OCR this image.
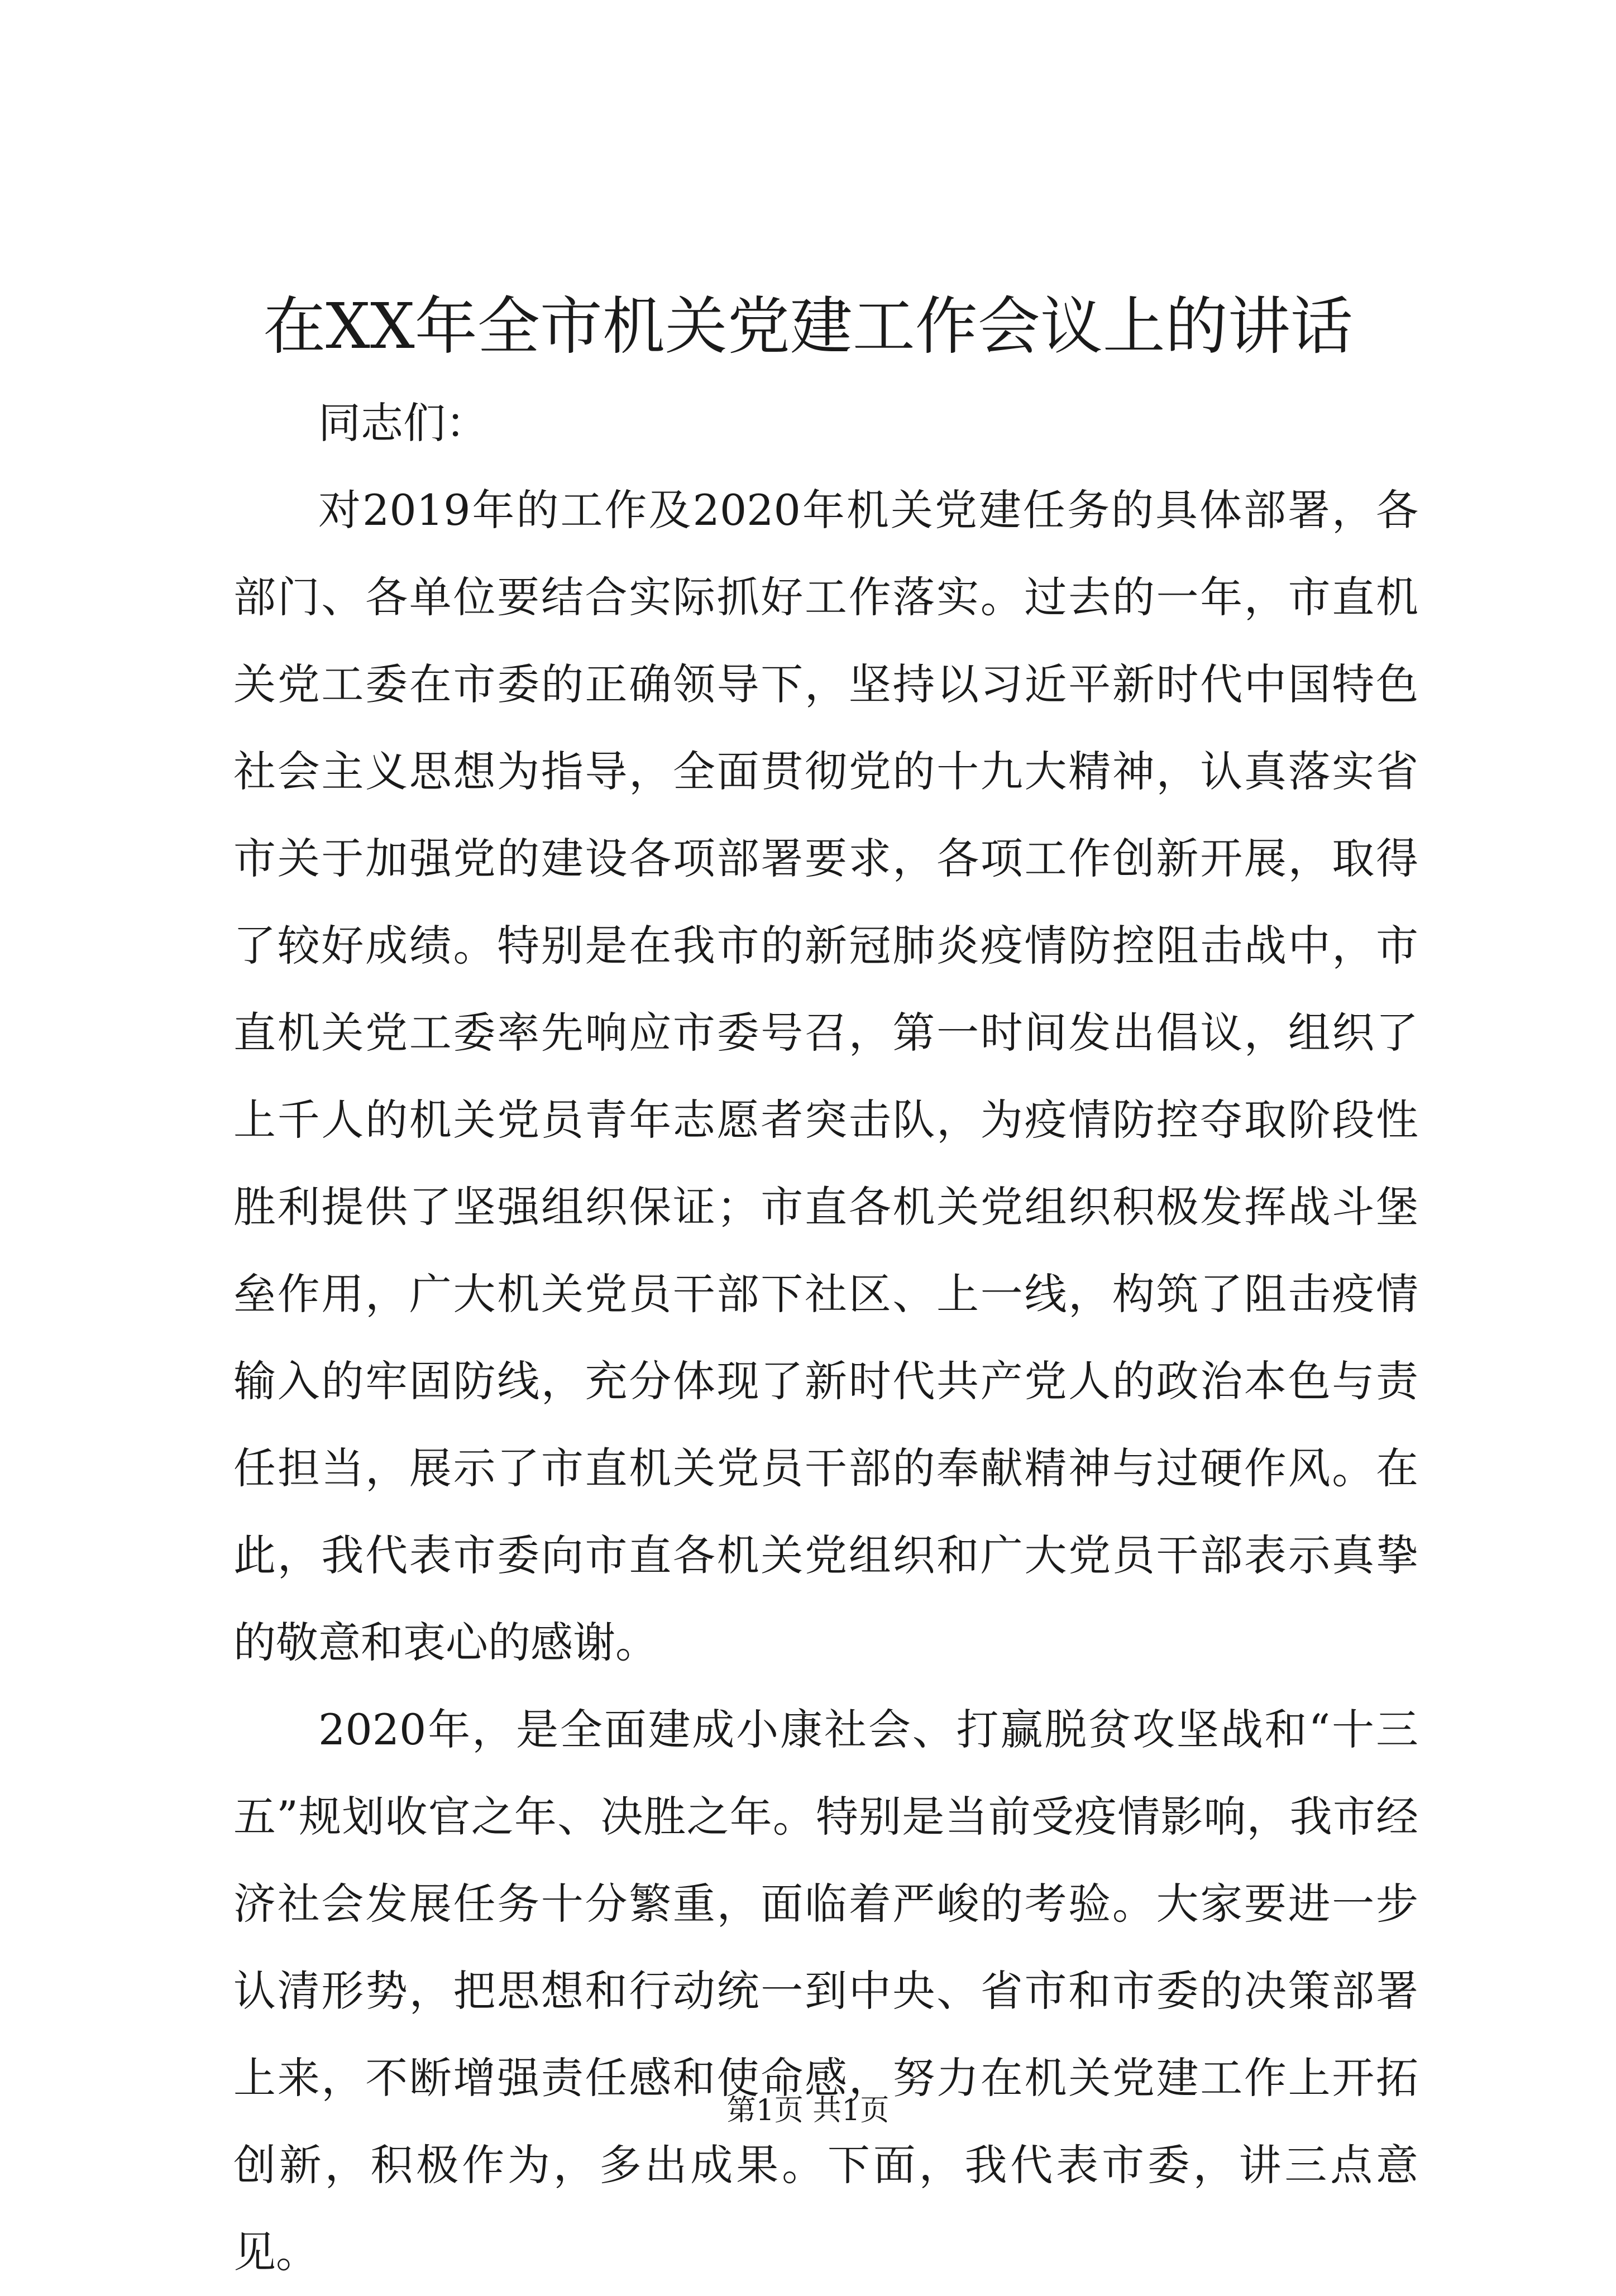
在XX年全市机关党建工作会议上的讲话

同志们：

对2019年的工作及2020年机关党建任务的具体部署，各部门、各单位要结合实际抓好工作落实。过去的一年，市直机关党工委在市委的正确领导下，坚持以习近平新时代中国特色社会主义思想为指导，全面贯彻党的十九大精神，认真落实省市关于加强党的建设各项部署要求，各项工作创新开展，取得了较好成绩。特别是在我市的新冠肺炎疫情防控阻击战中，市直机关党工委率先响应市委号召，第一时间发出倡议，组织了上千人的机关党员青年志愿者突击队，为疫情防控夺取阶段性胜利提供了坚强组织保证；市直各机关党组织积极发挥战斗堡垒作用，广大机关党员干部下社区、上一线，构筑了阻击疫情输入的牢固防线，充分体现了新时代共产党人的政治本色与责任担当，展示了市直机关党员干部的奉献精神与过硬作风。在此，我代表市委向市直各机关党组织和广大党员干部表示真挚的敬意和衷心的感谢。

2020年，是全面建成小康社会、打赢脱贫攻坚战和“十三五”规划收官之年、决胜之年。特别是当前受疫情影响，我市经济社会发展任务十分繁重，面临着严峻的考验。大家要进一步认清形势，把思想和行动统一到中央、省市和市委的决策部署上来，不断增强责任感和使命感，努力在机关党建工作上开拓创新，积极作为，多出成果。下面，我代表市委，讲三点意见。

第1页 共1页
